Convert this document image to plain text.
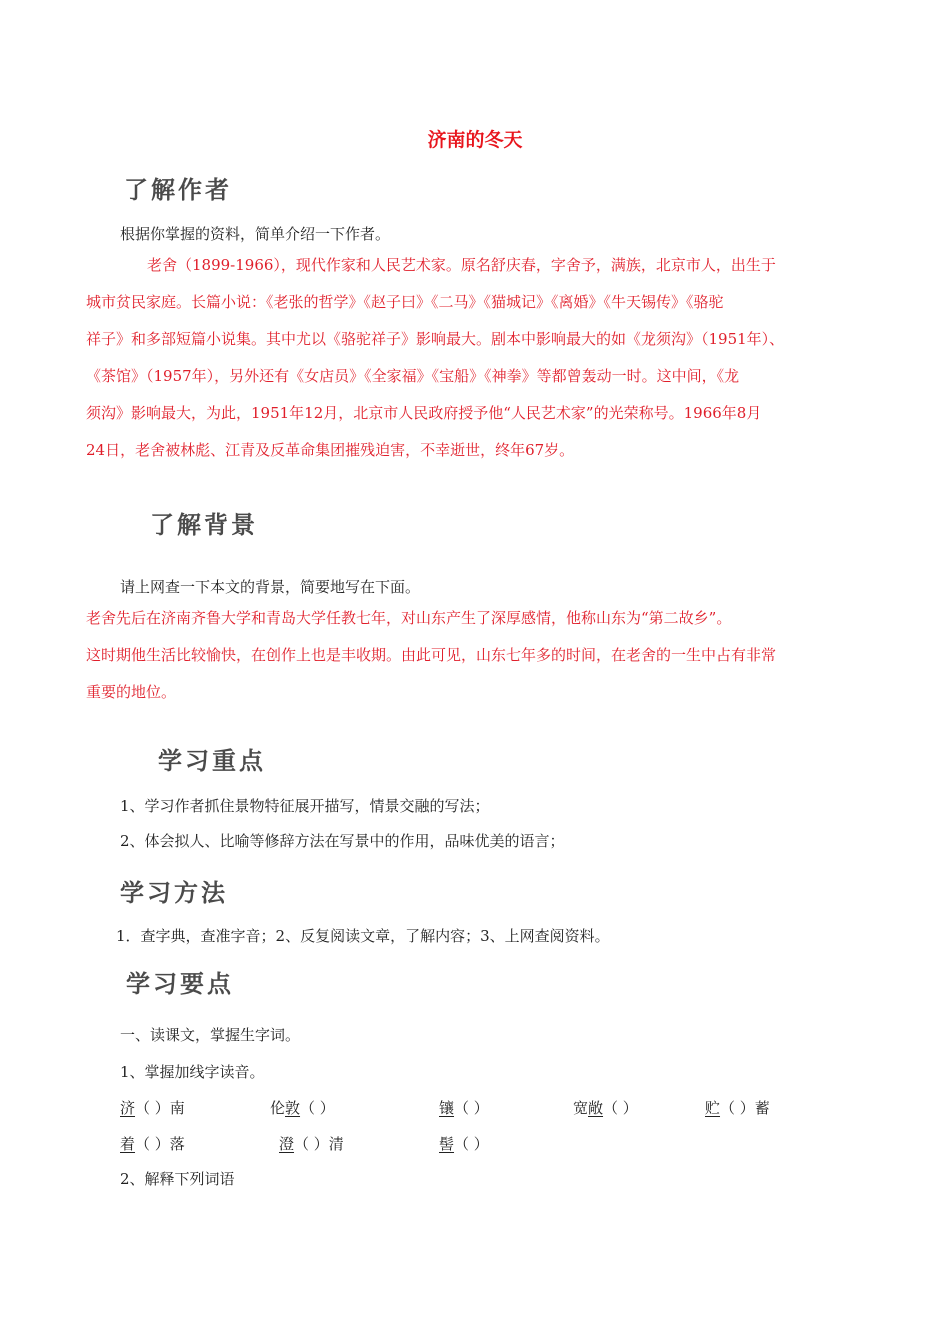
济南的冬天
了解作者
根据你掌握的资料，简单介绍一下作者。
老舍（1899-1966），现代作家和人民艺术家。原名舒庆春，字舍予，满族，北京市人，出生于
城市贫民家庭。长篇小说：《老张的哲学》《赵子曰》《二马》《猫城记》《离婚》《牛天锡传》《骆驼
祥子》和多部短篇小说集。其中尤以《骆驼祥子》影响最大。剧本中影响最大的如《龙须沟》（1951年）、
《茶馆》（1957年），另外还有《女店员》《全家福》《宝船》《神拳》等都曾轰动一时。这中间，《龙
须沟》影响最大，为此，1951年12月，北京市人民政府授予他“人民艺术家”的光荣称号。1966年8月
24日，老舍被林彪、江青及反革命集团摧残迫害，不幸逝世，终年67岁。
了解背景
请上网查一下本文的背景，简要地写在下面。
老舍先后在济南齐鲁大学和青岛大学任教七年，对山东产生了深厚感情，他称山东为“第二故乡”。
这时期他生活比较愉快，在创作上也是丰收期。由此可见，山东七年多的时间，在老舍的一生中占有非常
重要的地位。
学习重点
1、学习作者抓住景物特征展开描写，情景交融的写法；
2、体会拟人、比喻等修辞方法在写景中的作用，品味优美的语言；
学习方法
1．查字典，查准字音；2、反复阅读文章，了解内容；3、上网查阅资料。
学习要点
一、读课文，掌握生字词。
1、掌握加线字读音。
济（ ）南	伦敦（ ）	镶（ ）	宽敞（ ）	贮（ ）蓄
着（ ）落	澄（ ）清	髻（ ）
2、解释下列词语
